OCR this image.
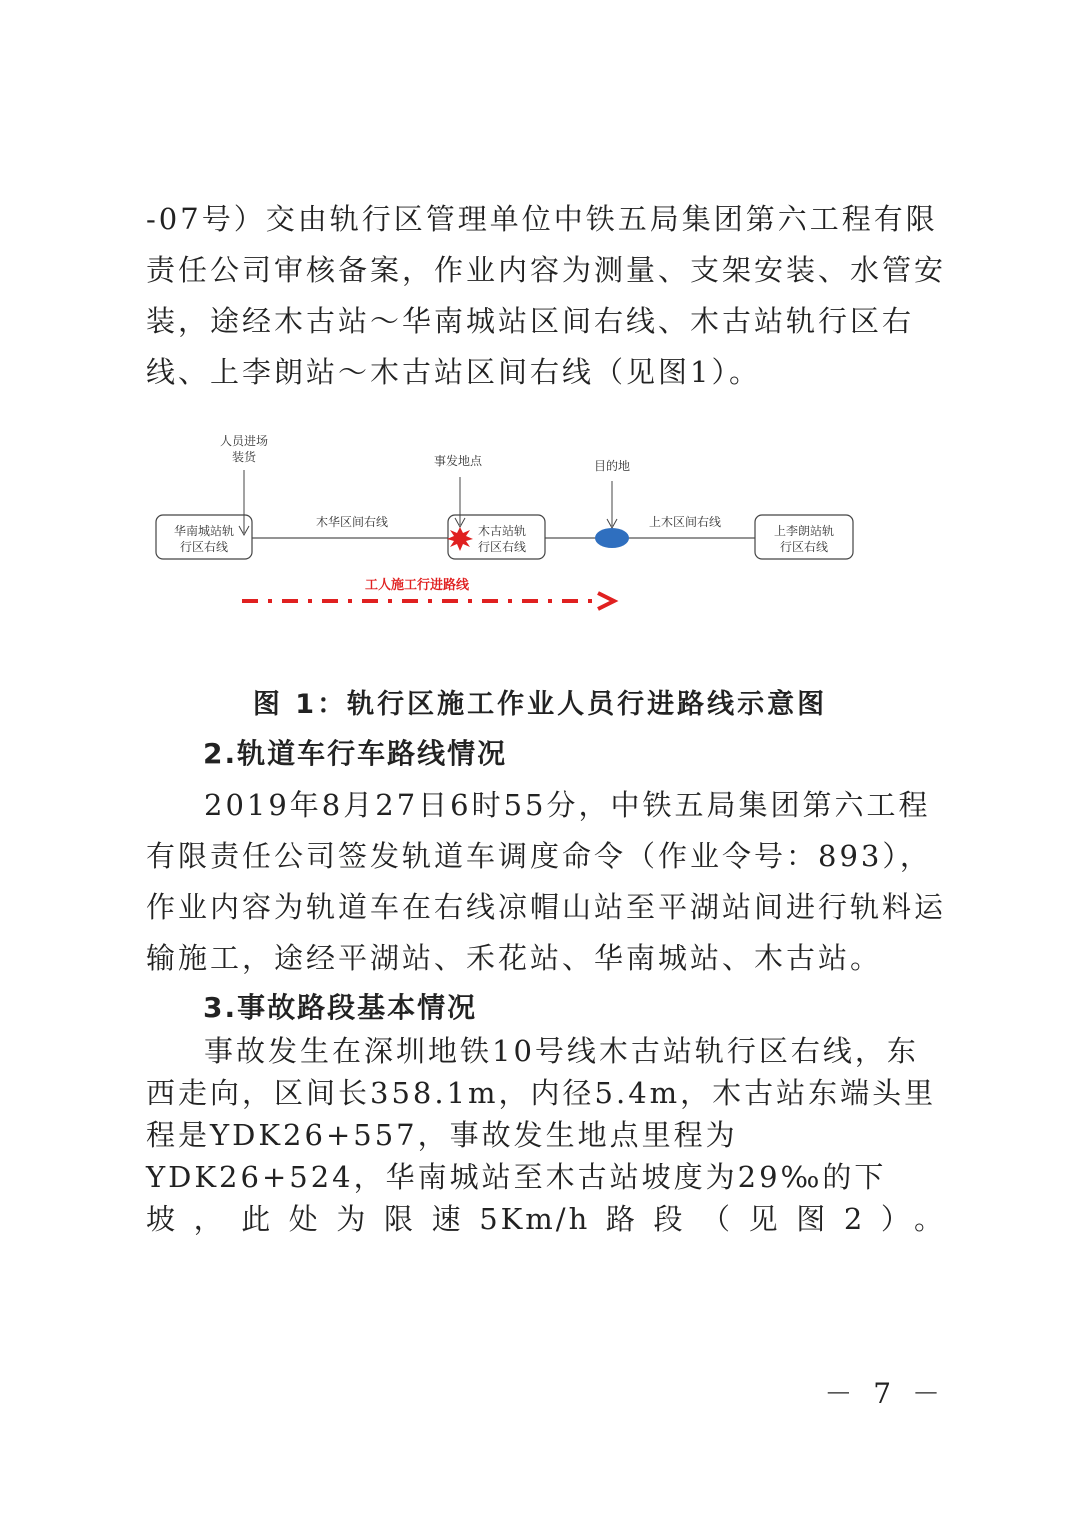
-07号）交由轨行区管理单位中铁五局集团第六工程有限责任公司审核备案，作业内容为测量、支架安装、水管安装，途经木古站～华南城站区间右线、木古站轨行区右线、上李朗站～木古站区间右线（见图1）。

华南城站轨
行区右线
木古站轨
行区右线
上李朗站轨
行区右线
木华区间右线	上木区间右线
人员进场
装货	事发地点	目的地
工人施工行进路线
图 1：轨行区施工作业人员行进路线示意图
2.轨道车行车路线情况

2019年8月27日6时55分，中铁五局集团第六工程有限责任公司签发轨道车调度命令（作业令号：893），作业内容为轨道车在右线凉帽山站至平湖站间进行轨料运输施工，途经平湖站、禾花站、华南城站、木古站。

3.事故路段基本情况

事故发生在深圳地铁10号线木古站轨行区右线，东西走向，区间长358.1m，内径5.4m，木古站东端头里程是YDK26+557，事故发生地点里程为YDK26+524，华南城站至木古站坡度为29‰的下坡，此处为限速5Km/h路段（见图2）。

－ 7 －
